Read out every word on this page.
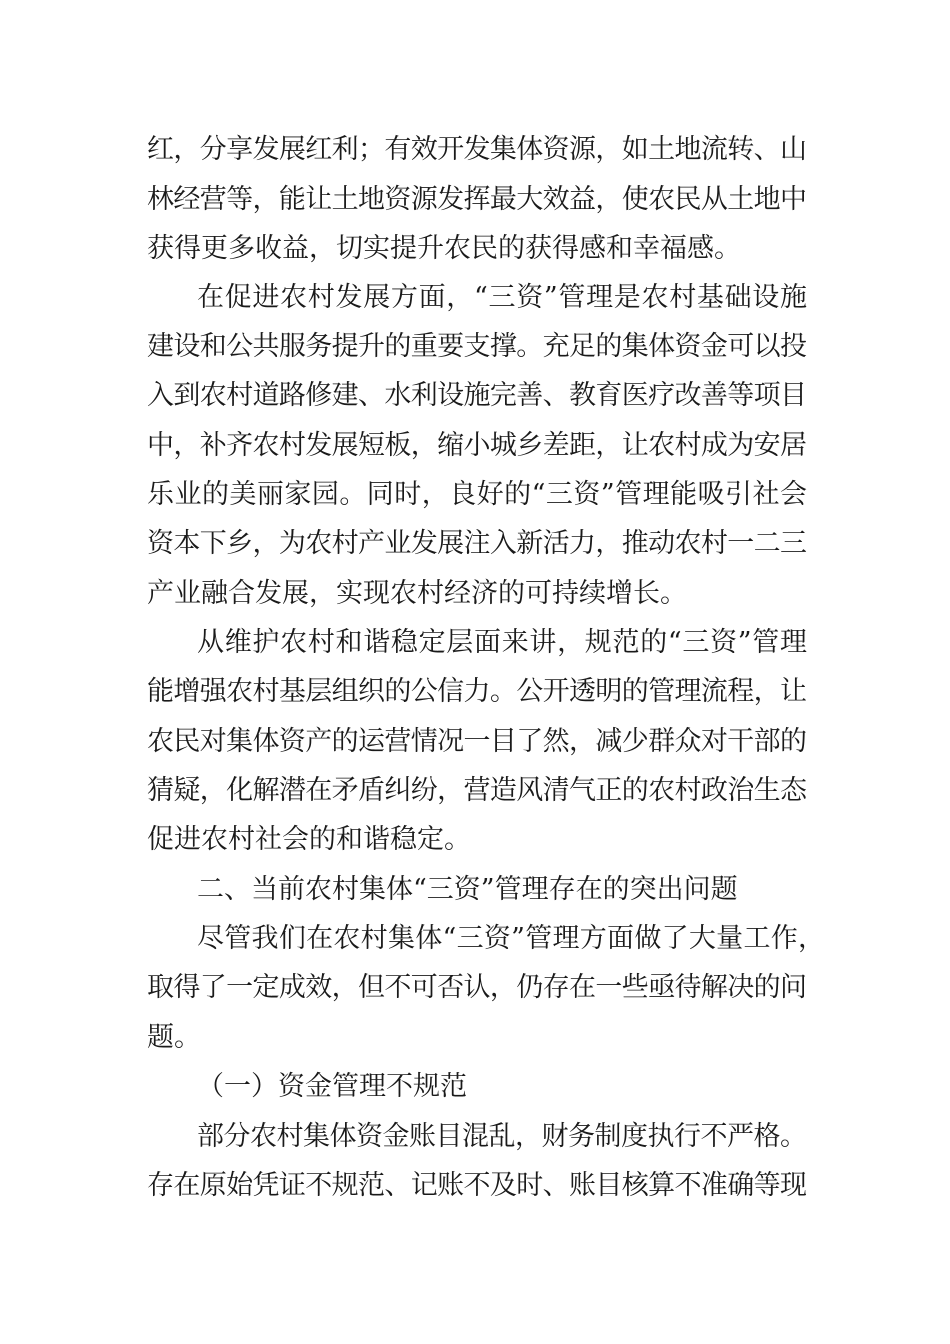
红，分享发展红利；有效开发集体资源，如土地流转、山
林经营等，能让土地资源发挥最大效益，使农民从土地中
获得更多收益，切实提升农民的获得感和幸福感。
在促进农村发展方面，“三资”管理是农村基础设施
建设和公共服务提升的重要支撑。充足的集体资金可以投
入到农村道路修建、水利设施完善、教育医疗改善等项目
中，补齐农村发展短板，缩小城乡差距，让农村成为安居
乐业的美丽家园。同时，良好的“三资”管理能吸引社会
资本下乡，为农村产业发展注入新活力，推动农村一二三
产业融合发展，实现农村经济的可持续增长。
从维护农村和谐稳定层面来讲，规范的“三资”管理
能增强农村基层组织的公信力。公开透明的管理流程，让
农民对集体资产的运营情况一目了然，减少群众对干部的
猜疑，化解潜在矛盾纠纷，营造风清气正的农村政治生态
促进农村社会的和谐稳定。
二、当前农村集体“三资”管理存在的突出问题
尽管我们在农村集体“三资”管理方面做了大量工作，
取得了一定成效，但不可否认，仍存在一些亟待解决的问
题。
（一）资金管理不规范
部分农村集体资金账目混乱，财务制度执行不严格。
存在原始凭证不规范、记账不及时、账目核算不准确等现
